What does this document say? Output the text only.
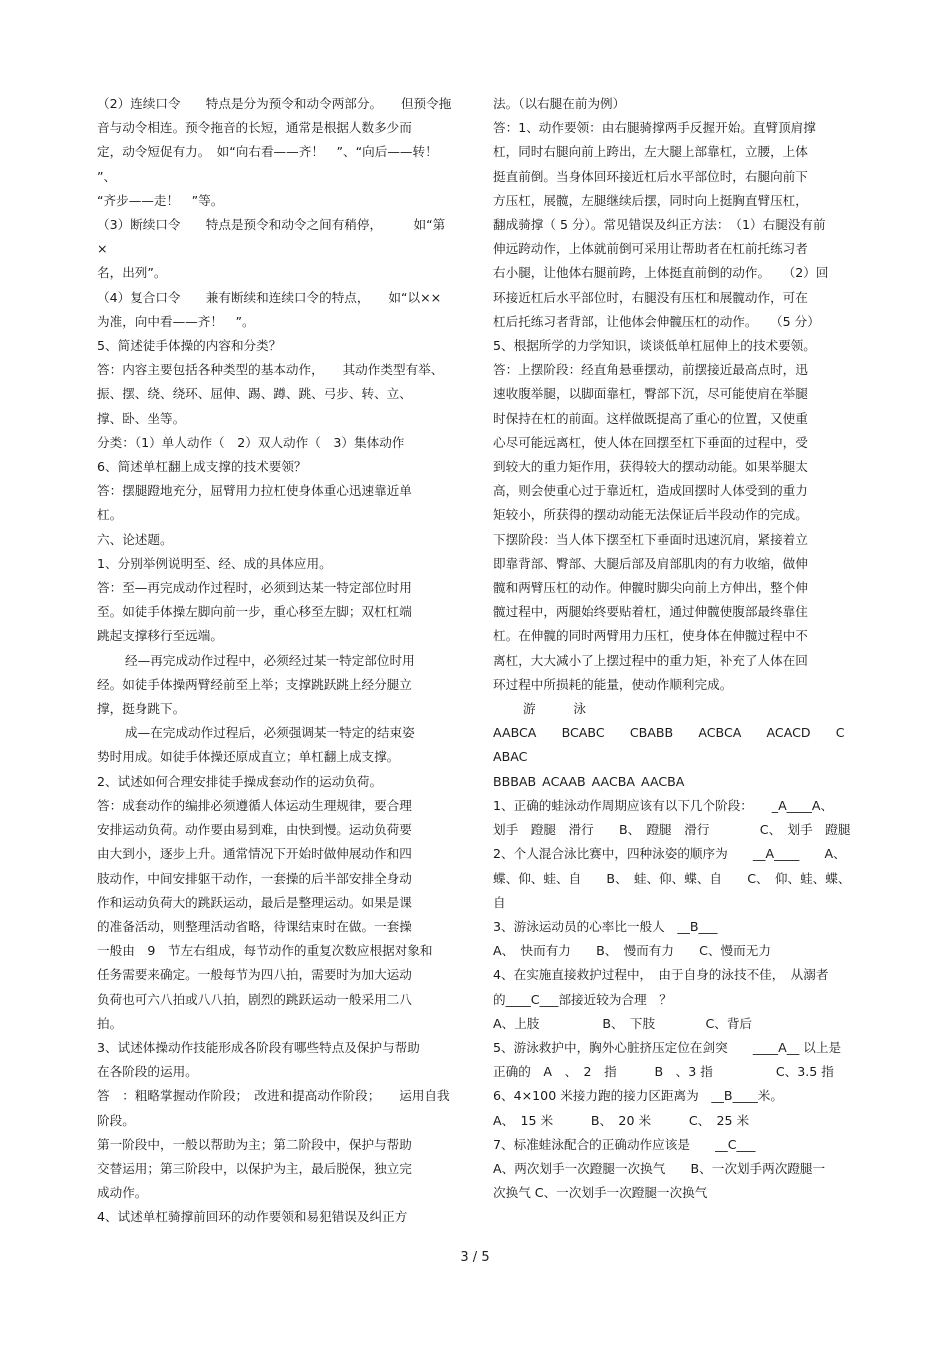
（2）连续口令　　特点是分为预令和动令两部分。　　但预令拖

音与动令相连。预令拖音的长短，通常是根据人数多少而

定，动令短促有力。　如“向右看——齐！　”、“向后——转！　”、

“齐步——走！　”等。

（3）断续口令　　特点是预令和动令之间有稍停，　　　如“第×

名，出列”。

（4）复合口令　　兼有断续和连续口令的特点，　　如“以××

为准，向中看——齐！　”。

5、简述徒手体操的内容和分类？

答：内容主要包括各种类型的基本动作，　　其动作类型有举、

振、摆、绕、绕环、屈伸、踢、蹲、跳、弓步、转、立、

撑、卧、坐等。

分类：（1）单人动作（　2）双人动作（　3）集体动作

6、简述单杠翻上成支撑的技术要领？

答：摆腿蹬地充分，屈臂用力拉杠使身体重心迅速靠近单

杠。

六、论述题。

1、分别举例说明至、经、成的具体应用。

答：至—再完成动作过程时，必须到达某一特定部位时用

至。如徒手体操左脚向前一步，重心移至左脚；双杠杠端

跳起支撑移行至远端。

经—再完成动作过程中，必须经过某一特定部位时用

经。如徒手体操两臂经前至上举；支撑跳跃跳上经分腿立

撑，挺身跳下。

成—在完成动作过程后，必须强调某一特定的结束姿

势时用成。如徒手体操还原成直立；单杠翻上成支撑。

2、试述如何合理安排徒手操成套动作的运动负荷。

答：成套动作的编排必须遵循人体运动生理规律，要合理

安排运动负荷。动作要由易到难，由快到慢。运动负荷要

由大到小，逐步上升。通常情况下开始时做伸展动作和四

肢动作，中间安排躯干动作，一套操的后半部安排全身动

作和运动负荷大的跳跃运动，最后是整理运动。如果是课

的准备活动，则整理活动省略，待课结束时在做。一套操

一般由　9　节左右组成，每节动作的重复次数应根据对象和

任务需要来确定。一般每节为四八拍，需要时为加大运动

负荷也可六八拍或八八拍，剧烈的跳跃运动一般采用二八

拍。

3、试述体操动作技能形成各阶段有哪些特点及保护与帮助

在各阶段的运用。

答　：粗略掌握动作阶段；　改进和提高动作阶段；　　运用自我

阶段。

第一阶段中，一般以帮助为主；第二阶段中，保护与帮助

交替运用；第三阶段中，以保护为主，最后脱保，独立完

成动作。

4、试述单杠骑撑前回环的动作要领和易犯错误及纠正方

法。（以右腿在前为例）

答：1、动作要领：由右腿骑撑两手反握开始。直臂顶肩撑

杠，同时右腿向前上跨出，左大腿上部靠杠，立腰，上体

挺直前倒。当身体回环接近杠后水平部位时，右腿向前下

方压杠，展髋，左腿继续后摆，同时向上挺胸直臂压杠，

翻成骑撑（ 5 分）。常见错误及纠正方法：　（1）右腿没有前

伸远跨动作，上体就前倒可采用让帮助者在杠前托练习者

右小腿，让他体右腿前跨，上体挺直前倒的动作。　　（2）回

环接近杠后水平部位时，右腿没有压杠和展髋动作，可在

杠后托练习者背部，让他体会伸髋压杠的动作。　　（5 分）

5、根据所学的力学知识，谈谈低单杠屈伸上的技术要领。

答：上摆阶段：经直角悬垂摆动，前摆接近最高点时，迅

速收腹举腿，以脚面靠杠，臀部下沉，尽可能使肩在举腿

时保持在杠的前面。这样做既提高了重心的位置，又使重

心尽可能远离杠，使人体在回摆至杠下垂面的过程中，受

到较大的重力矩作用，获得较大的摆动动能。如果举腿太

高，则会使重心过于靠近杠，造成回摆时人体受到的重力

矩较小，所获得的摆动动能无法保证后半段动作的完成。

下摆阶段：当人体下摆至杠下垂面时迅速沉肩，紧接着立

即靠背部、臀部、大腿后部及肩部肌肉的有力收缩，做伸

髋和两臂压杠的动作。伸髋时脚尖向前上方伸出，整个伸

髋过程中，两腿始终要贴着杠，通过伸髋使腹部最终靠住

杠。在伸髋的同时两臂用力压杠，使身体在伸髋过程中不

离杠，大大减小了上摆过程中的重力矩，补充了人体在回

环过程中所损耗的能量，使动作顺利完成。

游　　　泳

AABCA　　BCABC　　CBABB　　ACBCA　　ACACD　　CABAC

BBBAB ACAAB AACBA AACBA

1、正确的蛙泳动作周期应该有以下几个阶段：　　_A____A、

划手　蹬腿　滑行　　B、　蹬腿　滑行　　　　C、　划手　蹬腿

2、个人混合泳比赛中，四种泳姿的顺序为　　__A____　　A、

蝶、仰、蛙、自　　B、　蛙、仰、蝶、自　　C、　仰、蛙、蝶、

自

3、游泳运动员的心率比一般人　__B___

A、　快而有力　　B、　慢而有力　　C、慢而无力

4、在实施直接救护过程中，　由于自身的泳技不佳，　从溺者

的____C___部接近较为合理　？

A、上肢　　　　　B、　下肢　　　　C、背后

5、游泳救护中，胸外心脏挤压定位在剑突　　____A__ 以上是

正确的　A　、　2　指　　　B　、3 指　　　　　C、3.5 指

6、4×100 米接力跑的接力区距离为　__B____米。

A、　15 米　　　B、　20 米　　　C、　25 米

7、标准蛙泳配合的正确动作应该是　　__C___

A、两次划手一次蹬腿一次换气　　B、一次划手两次蹬腿一

次换气 C、一次划手一次蹬腿一次换气

3 / 5
